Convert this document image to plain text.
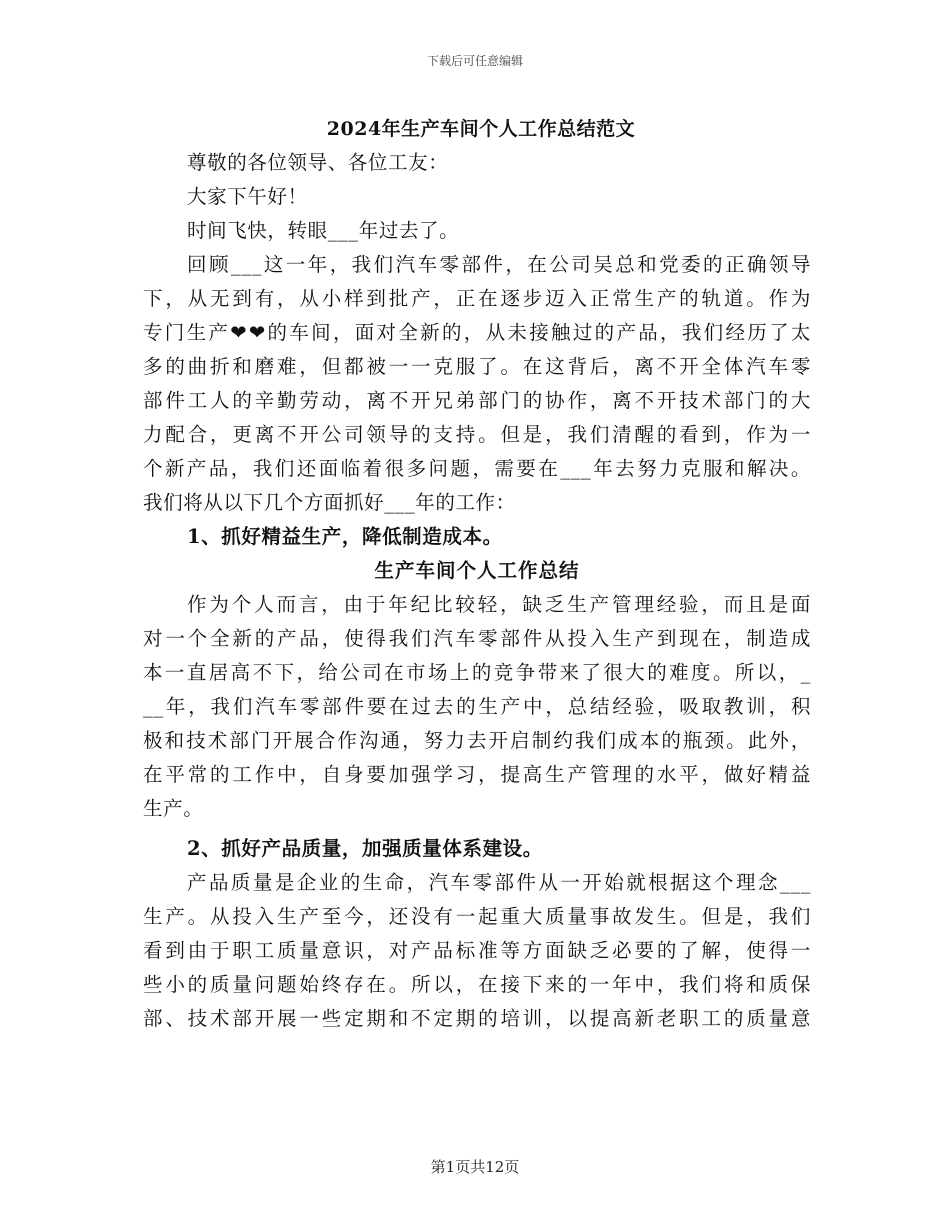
下载后可任意编辑
2024年生产车间个人工作总结范文
尊敬的各位领导、各位工友：
大家下午好！
时间飞快，转眼___年过去了。
回顾___这一年，我们汽车零部件，在公司吴总和党委的正确领导
下，从无到有，从小样到批产，正在逐步迈入正常生产的轨道。作为
专门生产❤❤的车间，面对全新的，从未接触过的产品，我们经历了太
多的曲折和磨难，但都被一一克服了。在这背后，离不开全体汽车零
部件工人的辛勤劳动，离不开兄弟部门的协作，离不开技术部门的大
力配合，更离不开公司领导的支持。但是，我们清醒的看到，作为一
个新产品，我们还面临着很多问题，需要在___年去努力克服和解决。
我们将从以下几个方面抓好___年的工作：
1、抓好精益生产，降低制造成本。
生产车间个人工作总结
作为个人而言，由于年纪比较轻，缺乏生产管理经验，而且是面
对一个全新的产品，使得我们汽车零部件从投入生产到现在，制造成
本一直居高不下，给公司在市场上的竞争带来了很大的难度。所以，_
__年，我们汽车零部件要在过去的生产中，总结经验，吸取教训，积
极和技术部门开展合作沟通，努力去开启制约我们成本的瓶颈。此外，
在平常的工作中，自身要加强学习，提高生产管理的水平，做好精益
生产。
2、抓好产品质量，加强质量体系建设。
产品质量是企业的生命，汽车零部件从一开始就根据这个理念___
生产。从投入生产至今，还没有一起重大质量事故发生。但是，我们
看到由于职工质量意识，对产品标准等方面缺乏必要的了解，使得一
些小的质量问题始终存在。所以，在接下来的一年中，我们将和质保
部、技术部开展一些定期和不定期的培训，以提高新老职工的质量意
第1页共12页
